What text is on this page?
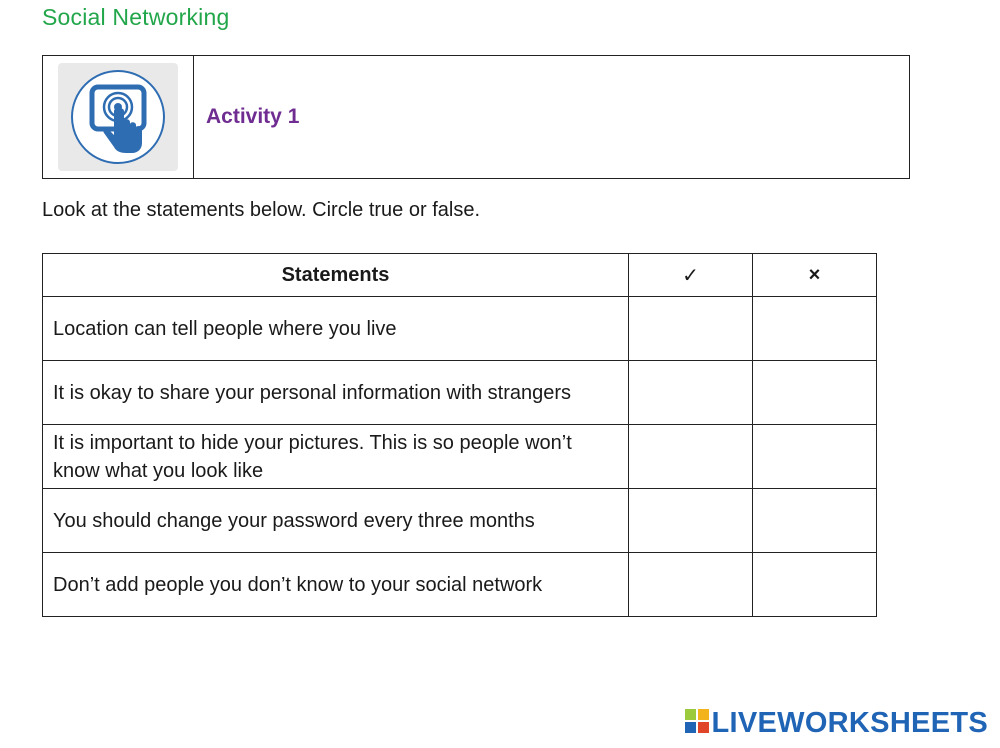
Social Networking
Activity 1
Look at the statements below. Circle true or false.
Statements	✓	×

Location can tell people where you live		

It is okay to share your personal information with strangers		

It is important to hide your pictures. This is so people won’t know what you look like		

You should change your password every three months		

Don’t add people you don’t know to your social network		

LIVEWORKSHEETS
